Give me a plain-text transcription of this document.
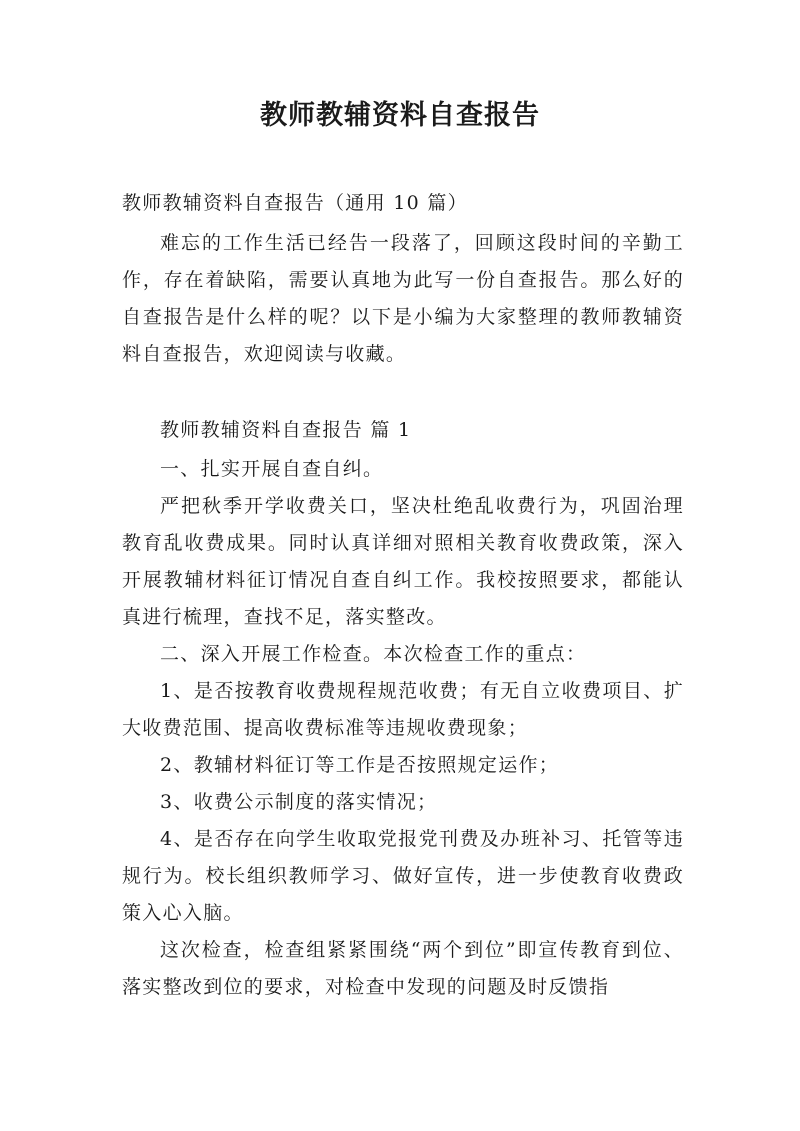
教师教辅资料自查报告
教师教辅资料自查报告（通用 10 篇）

难忘的工作生活已经告一段落了，回顾这段时间的辛勤工作，存在着缺陷，需要认真地为此写一份自查报告。那么好的自查报告是什么样的呢？以下是小编为大家整理的教师教辅资料自查报告，欢迎阅读与收藏。

教师教辅资料自查报告 篇 1

一、扎实开展自查自纠。

严把秋季开学收费关口，坚决杜绝乱收费行为，巩固治理教育乱收费成果。同时认真详细对照相关教育收费政策，深入开展教辅材料征订情况自查自纠工作。我校按照要求，都能认真进行梳理，查找不足，落实整改。

二、深入开展工作检查。本次检查工作的重点：

1、是否按教育收费规程规范收费；有无自立收费项目、扩大收费范围、提高收费标准等违规收费现象；

2、教辅材料征订等工作是否按照规定运作；

3、收费公示制度的落实情况；

4、是否存在向学生收取党报党刊费及办班补习、托管等违规行为。校长组织教师学习、做好宣传，进一步使教育收费政策入心入脑。

这次检查，检查组紧紧围绕“两个到位”即宣传教育到位、落实整改到位的要求，对检查中发现的问题及时反馈指
